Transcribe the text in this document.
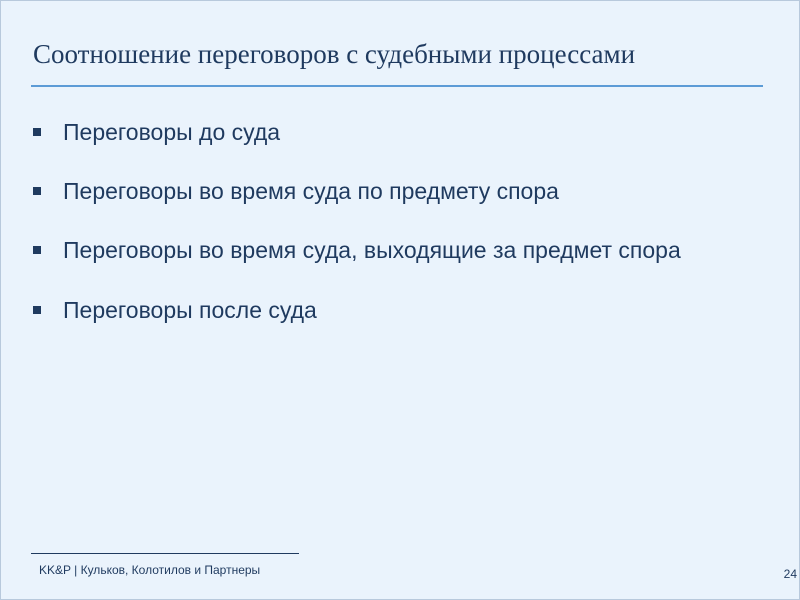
Соотношение переговоров с судебными процессами
Переговоры до суда
Переговоры во время суда по предмету спора
Переговоры во время суда, выходящие за предмет спора
Переговоры после суда
KK&P | Кульков, Колотилов и Партнеры	24
